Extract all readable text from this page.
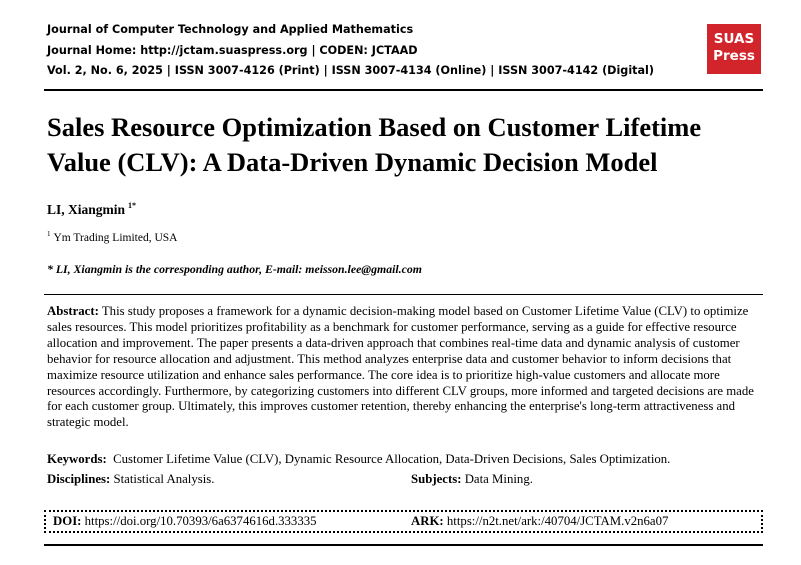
Journal of Computer Technology and Applied Mathematics
Journal Home: http://jctam.suaspress.org | CODEN: JCTAAD
Vol. 2, No. 6, 2025 | ISSN 3007-4126 (Print) | ISSN 3007-4134 (Online) | ISSN 3007-4142 (Digital)
SUAS
Press
Sales Resource Optimization Based on Customer Lifetime Value (CLV): A Data-Driven Dynamic Decision Model
LI, Xiangmin $^{1*}$
$^1$ Ym Trading Limited, USA
* LI, Xiangmin is the corresponding author, E-mail: meisson.lee@gmail.com

Abstract: This study proposes a framework for a dynamic decision-making model based on Customer Lifetime Value (CLV) to optimize sales resources. This model prioritizes profitability as a benchmark for customer performance, serving as a guide for effective resource allocation and improvement. The paper presents a data-driven approach that combines real-time data and dynamic analysis of customer behavior for resource allocation and adjustment. This method analyzes enterprise data and customer behavior to inform decisions that maximize resource utilization and enhance sales performance. The core idea is to prioritize high-value customers and allocate more resources accordingly. Furthermore, by categorizing customers into different CLV groups, more informed and targeted decisions are made for each customer group. Ultimately, this improves customer retention, thereby enhancing the enterprise's long-term attractiveness and strategic model.

Keywords: Customer Lifetime Value (CLV), Dynamic Resource Allocation, Data-Driven Decisions, Sales Optimization.
Disciplines: Statistical Analysis.	Subjects: Data Mining.
DOI: https://doi.org/10.70393/6a6374616d.333335	ARK: https://n2t.net/ark:/40704/JCTAM.v2n6a07
